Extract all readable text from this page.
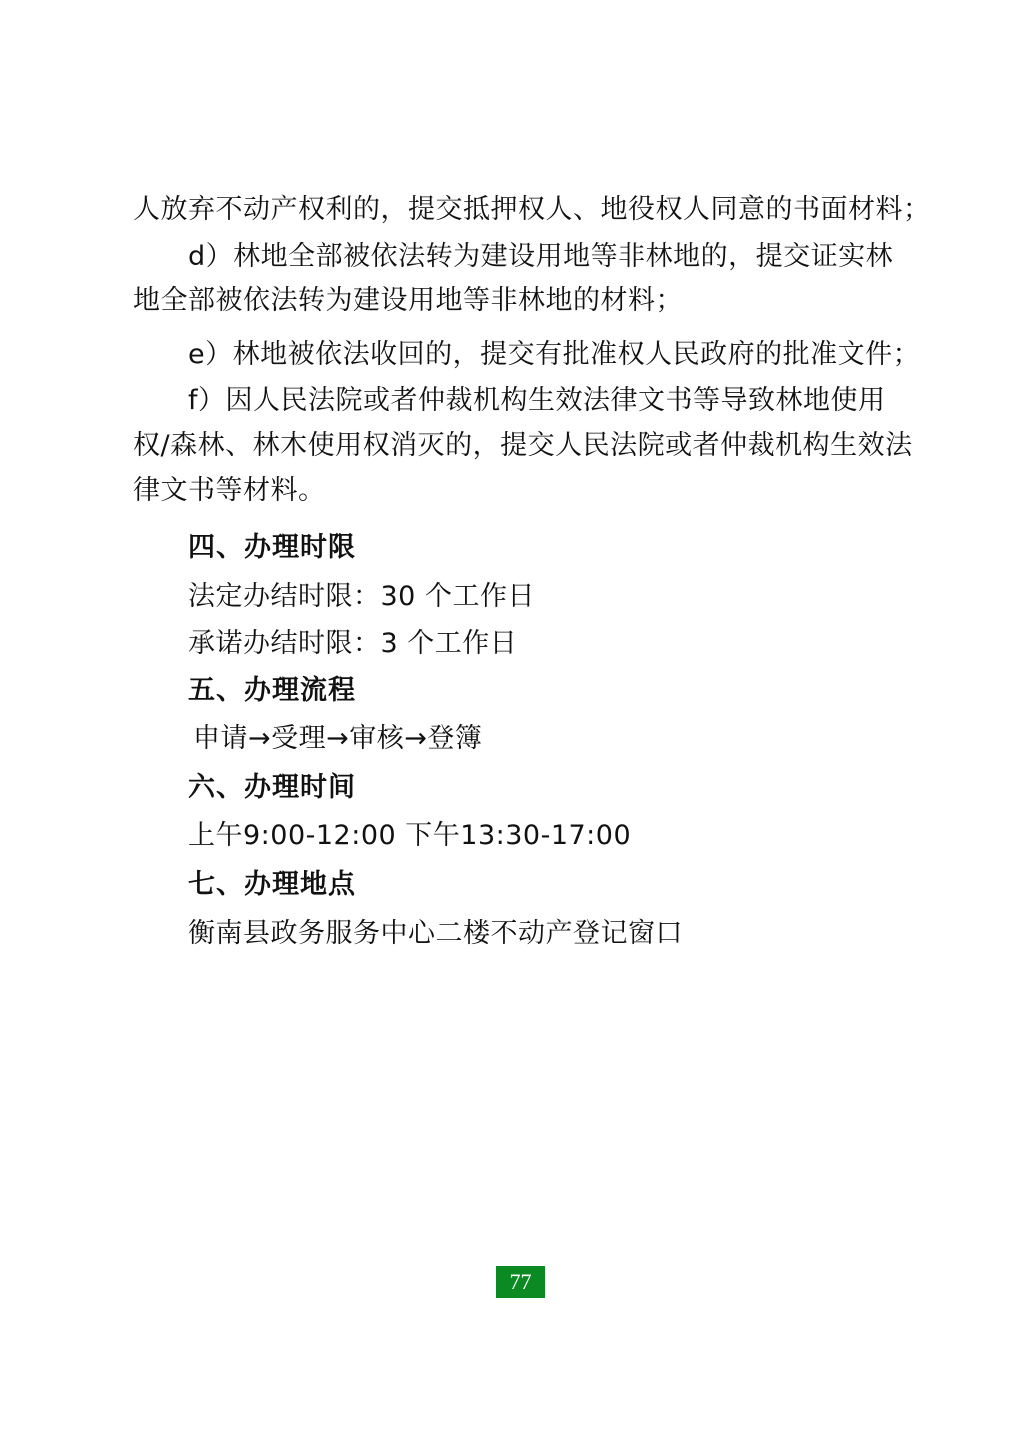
人放弃不动产权利的，提交抵押权人、地役权人同意的书面材料；
d）林地全部被依法转为建设用地等非林地的，提交证实林
地全部被依法转为建设用地等非林地的材料；
e）林地被依法收回的，提交有批准权人民政府的批准文件；
f）因人民法院或者仲裁机构生效法律文书等导致林地使用
权/森林、林木使用权消灭的，提交人民法院或者仲裁机构生效法
律文书等材料。
四、办理时限
法定办结时限：30 个工作日
承诺办结时限：3 个工作日
五、办理流程
申请→受理→审核→登簿
六、办理时间
上午9:00-12:00 下午13:30-17:00
七、办理地点
衡南县政务服务中心二楼不动产登记窗口
77
